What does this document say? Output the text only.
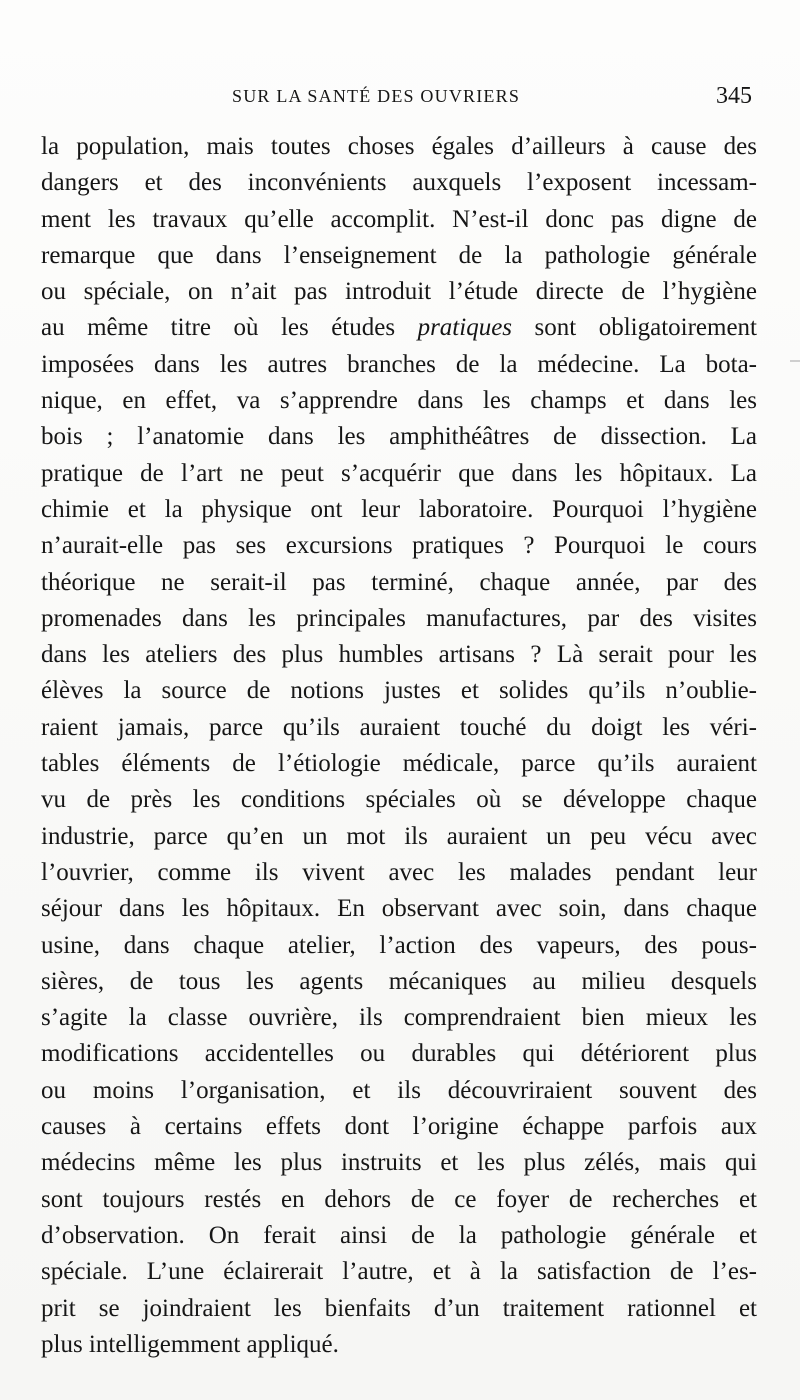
SUR LA SANTÉ DES OUVRIERS	345
la population, mais toutes choses égales d’ailleurs à cause des
dangers et des inconvénients auxquels l’exposent incessam-
ment les travaux qu’elle accomplit. N’est-il donc pas digne de
remarque que dans l’enseignement de la pathologie générale
ou spéciale, on n’ait pas introduit l’étude directe de l’hygiène
au même titre où les études pratiques sont obligatoirement
imposées dans les autres branches de la médecine. La bota-
nique, en effet, va s’apprendre dans les champs et dans les
bois ; l’anatomie dans les amphithéâtres de dissection. La
pratique de l’art ne peut s’acquérir que dans les hôpitaux. La
chimie et la physique ont leur laboratoire. Pourquoi l’hygiène
n’aurait-elle pas ses excursions pratiques ? Pourquoi le cours
théorique ne serait-il pas terminé, chaque année, par des
promenades dans les principales manufactures, par des visites
dans les ateliers des plus humbles artisans ? Là serait pour les
élèves la source de notions justes et solides qu’ils n’oublie-
raient jamais, parce qu’ils auraient touché du doigt les véri-
tables éléments de l’étiologie médicale, parce qu’ils auraient
vu de près les conditions spéciales où se développe chaque
industrie, parce qu’en un mot ils auraient un peu vécu avec
l’ouvrier, comme ils vivent avec les malades pendant leur
séjour dans les hôpitaux. En observant avec soin, dans chaque
usine, dans chaque atelier, l’action des vapeurs, des pous-
sières, de tous les agents mécaniques au milieu desquels
s’agite la classe ouvrière, ils comprendraient bien mieux les
modifications accidentelles ou durables qui détériorent plus
ou moins l’organisation, et ils découvriraient souvent des
causes à certains effets dont l’origine échappe parfois aux
médecins même les plus instruits et les plus zélés, mais qui
sont toujours restés en dehors de ce foyer de recherches et
d’observation. On ferait ainsi de la pathologie générale et
spéciale. L’une éclairerait l’autre, et à la satisfaction de l’es-
prit se joindraient les bienfaits d’un traitement rationnel et
plus intelligemment appliqué.
